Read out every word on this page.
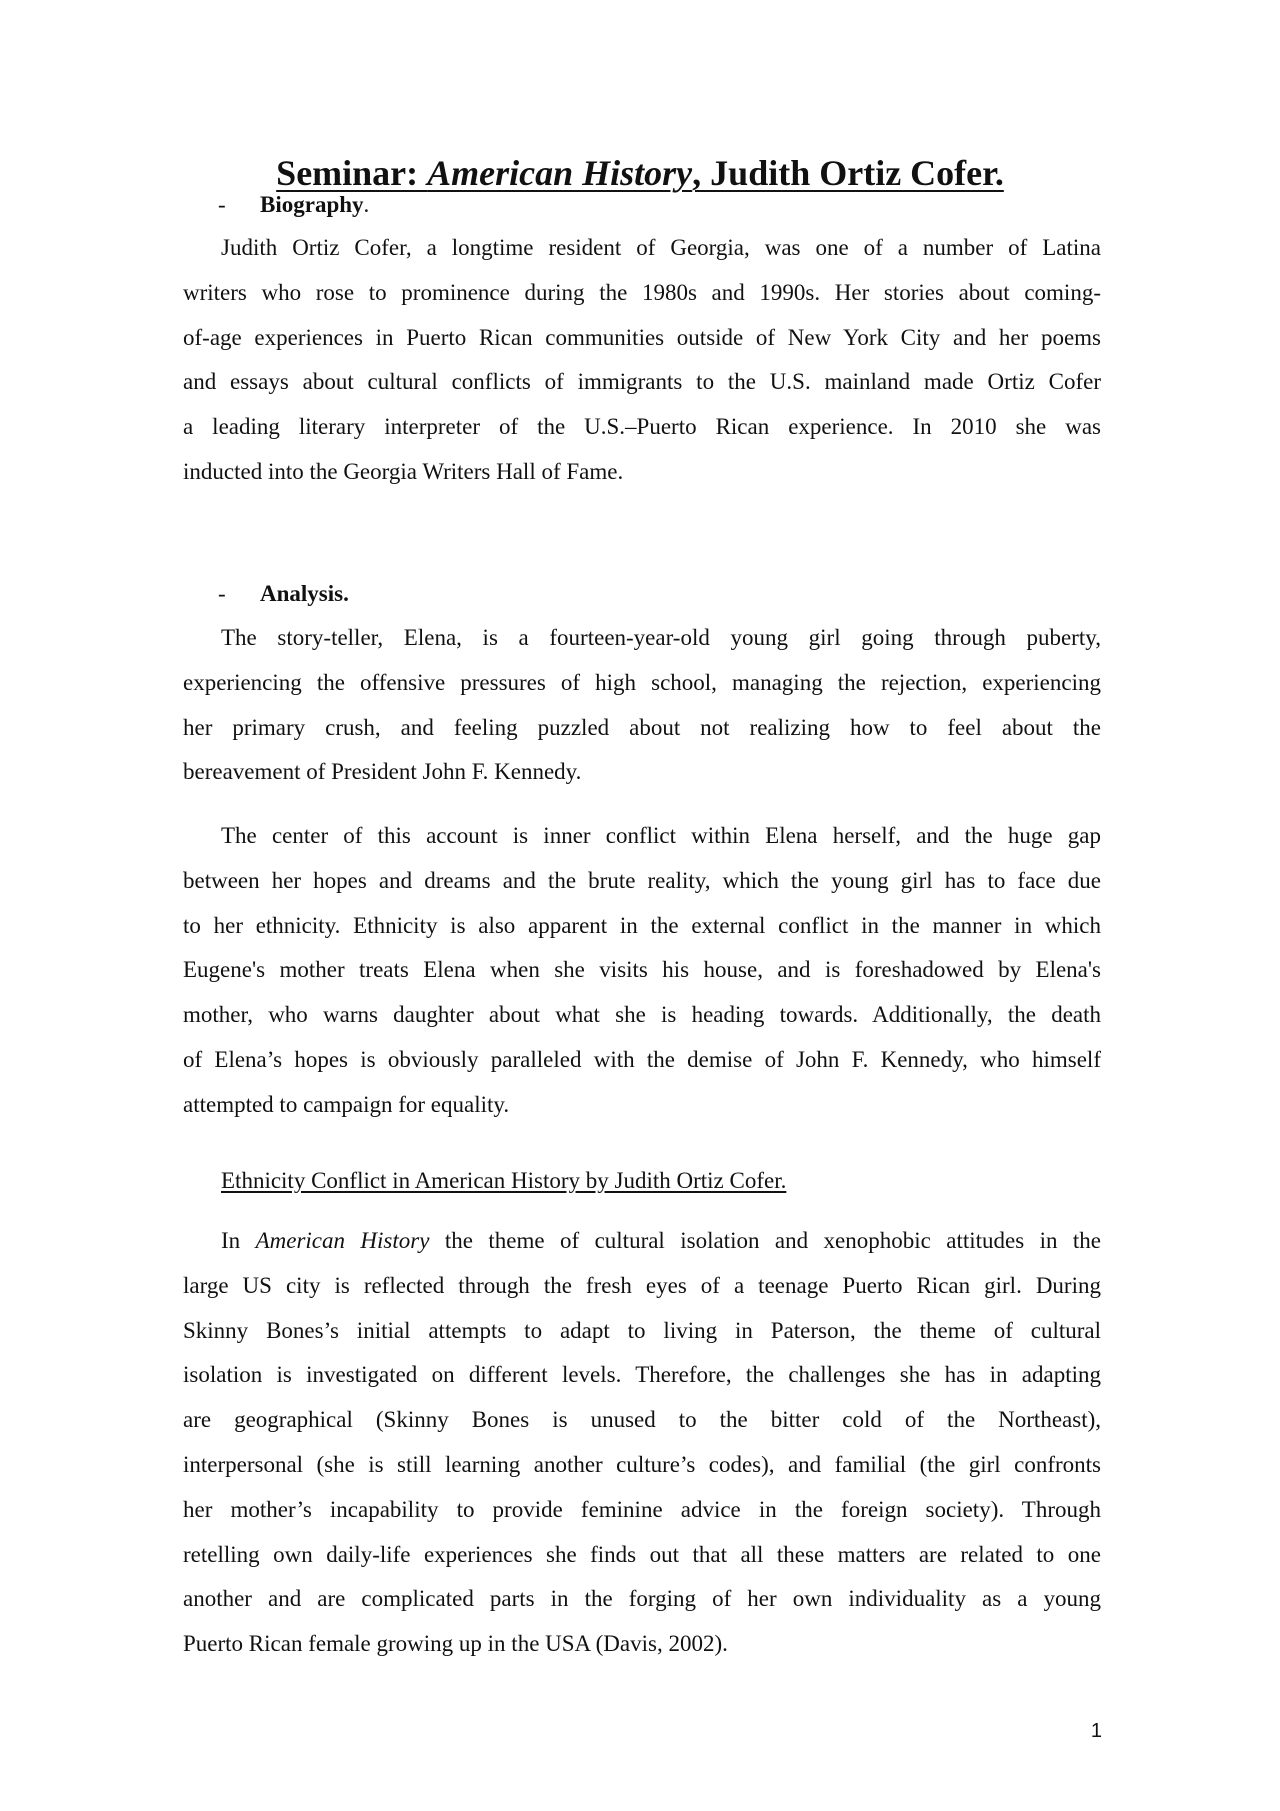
Seminar: American History, Judith Ortiz Cofer.
- Biography.
Judith Ortiz Cofer, a longtime resident of Georgia, was one of a number of Latina
writers who rose to prominence during the 1980s and 1990s. Her stories about coming-
of-age experiences in Puerto Rican communities outside of New York City and her poems
and essays about cultural conflicts of immigrants to the U.S. mainland made Ortiz Cofer
a leading literary interpreter of the U.S.–Puerto Rican experience. In 2010 she was
inducted into the Georgia Writers Hall of Fame.
- Analysis.
The story-teller, Elena, is a fourteen-year-old young girl going through puberty,
experiencing the offensive pressures of high school, managing the rejection, experiencing
her primary crush, and feeling puzzled about not realizing how to feel about the
bereavement of President John F. Kennedy.
The center of this account is inner conflict within Elena herself, and the huge gap
between her hopes and dreams and the brute reality, which the young girl has to face due
to her ethnicity. Ethnicity is also apparent in the external conflict in the manner in which
Eugene's mother treats Elena when she visits his house, and is foreshadowed by Elena's
mother, who warns daughter about what she is heading towards. Additionally, the death
of Elena’s hopes is obviously paralleled with the demise of John F. Kennedy, who himself
attempted to campaign for equality.
Ethnicity Conflict in American History by Judith Ortiz Cofer.
In American History the theme of cultural isolation and xenophobic attitudes in the
large US city is reflected through the fresh eyes of a teenage Puerto Rican girl. During
Skinny Bones’s initial attempts to adapt to living in Paterson, the theme of cultural
isolation is investigated on different levels. Therefore, the challenges she has in adapting
are geographical (Skinny Bones is unused to the bitter cold of the Northeast),
interpersonal (she is still learning another culture’s codes), and familial (the girl confronts
her mother’s incapability to provide feminine advice in the foreign society). Through
retelling own daily-life experiences she finds out that all these matters are related to one
another and are complicated parts in the forging of her own individuality as a young
Puerto Rican female growing up in the USA (Davis, 2002).
1
